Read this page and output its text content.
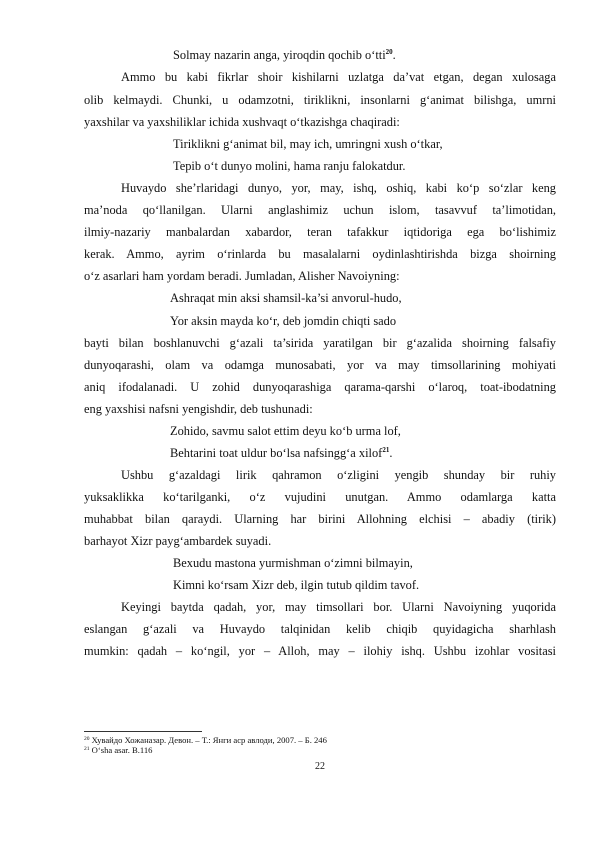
Solmay nazarin anga, yiroqdin qochib o‘tti$^{20}$.
Ammo bu kabi fikrlar shoir kishilarni uzlatga da’vat etgan, degan xulosaga
olib kelmaydi. Chunki, u odamzotni, tiriklikni, insonlarni g‘animat bilishga, umrni
yaxshilar va yaxshiliklar ichida xushvaqt o‘tkazishga chaqiradi:
Tiriklikni g‘animat bil, may ich, umringni xush o‘tkar,
Tepib o‘t dunyo molini, hama ranju falokatdur.
Huvaydo she’rlaridagi dunyo, yor, may, ishq, oshiq, kabi ko‘p so‘zlar keng
ma’noda qo‘llanilgan. Ularni anglashimiz uchun islom, tasavvuf ta’limotidan,
ilmiy-nazariy manbalardan xabardor, teran tafakkur iqtidoriga ega bo‘lishimiz
kerak. Ammo, ayrim o‘rinlarda bu masalalarni oydinlashtirishda bizga shoirning
o‘z asarlari ham yordam beradi. Jumladan, Alisher Navoiyning:
Ashraqat min aksi shamsil-ka’si anvorul-hudo,
Yor aksin mayda ko‘r, deb jomdin chiqti sado
bayti bilan boshlanuvchi g‘azali ta’sirida yaratilgan bir g‘azalida shoirning falsafiy
dunyoqarashi, olam va odamga munosabati, yor va may timsollarining mohiyati
aniq ifodalanadi. U zohid dunyoqarashiga qarama-qarshi o‘laroq, toat-ibodatning
eng yaxshisi nafsni yengishdir, deb tushunadi:
Zohido, savmu salot ettim deyu ko‘b urma lof,
Behtarini toat uldur bo‘lsa nafsingg‘a xilof$^{21}$.
Ushbu g‘azaldagi lirik qahramon o‘zligini yengib shunday bir ruhiy
yuksaklikka ko‘tarilganki, o‘z vujudini unutgan. Ammo odamlarga katta
muhabbat bilan qaraydi. Ularning har birini Allohning elchisi – abadiy (tirik)
barhayot Xizr payg‘ambardek suyadi.
Bexudu mastona yurmishman o‘zimni bilmayin,
Kimni ko‘rsam Xizr deb, ilgin tutub qildim tavof.
Keyingi baytda qadah, yor, may timsollari bor. Ularni Navoiyning yuqorida
eslangan g‘azali va Huvaydo talqinidan kelib chiqib quyidagicha sharhlash
mumkin: qadah – ko‘ngil, yor – Alloh, may – ilohiy ishq. Ushbu izohlar vositasi
$^{20}$ Хувайдо Хожаназар. Девон. – Т.: Янги аср авлоди, 2007. – Б. 246
$^{21}$ O‘sha asar. B.116
22
